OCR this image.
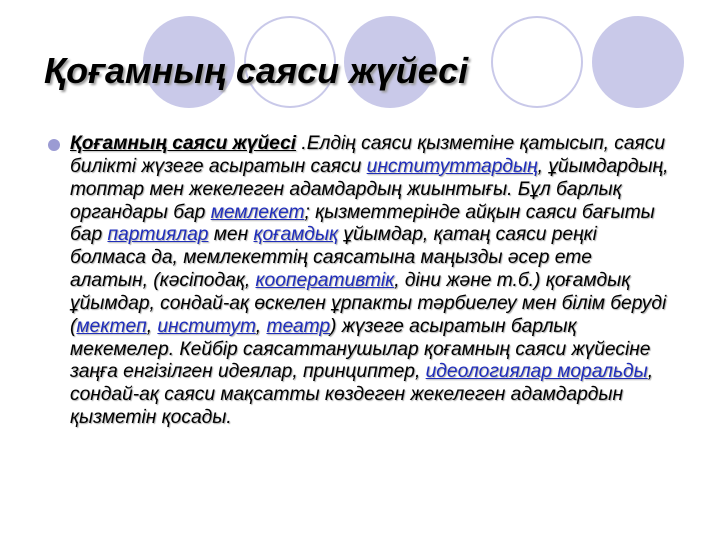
Қоғамның саяси жүйесі
Қоғамның саяси жүйесі .Елдің саяси қызметіне қатысып, саяси билікті жүзеге асыратын саяси институттардың, ұйымдардың, топтар мен жекелеген адамдардың жиынтығы. Бұл барлық органдары бар мемлекет; қызметтерінде айқын саяси бағыты бар партиялар мен қоғамдық ұйымдар, қатаң саяси реңкі болмаса да, мемлекеттің саясатына маңызды әсер ете алатын, (кәсіподақ, кооперативтік, діни және т.б.) қоғамдық ұйымдар, сондай-ақ өскелен ұрпакты тәрбиелеу мен білім беруді (мектеп, институт, театр) жүзеге асыратын барлық мекемелер. Кейбір саясаттанушылар қоғамның саяси жүйесіне заңға енгізілген идеялар, принциптер, идеологиялар моральды, сондай-ақ саяси мақсатты көздеген жекелеген адамдардын қызметін қосады.
